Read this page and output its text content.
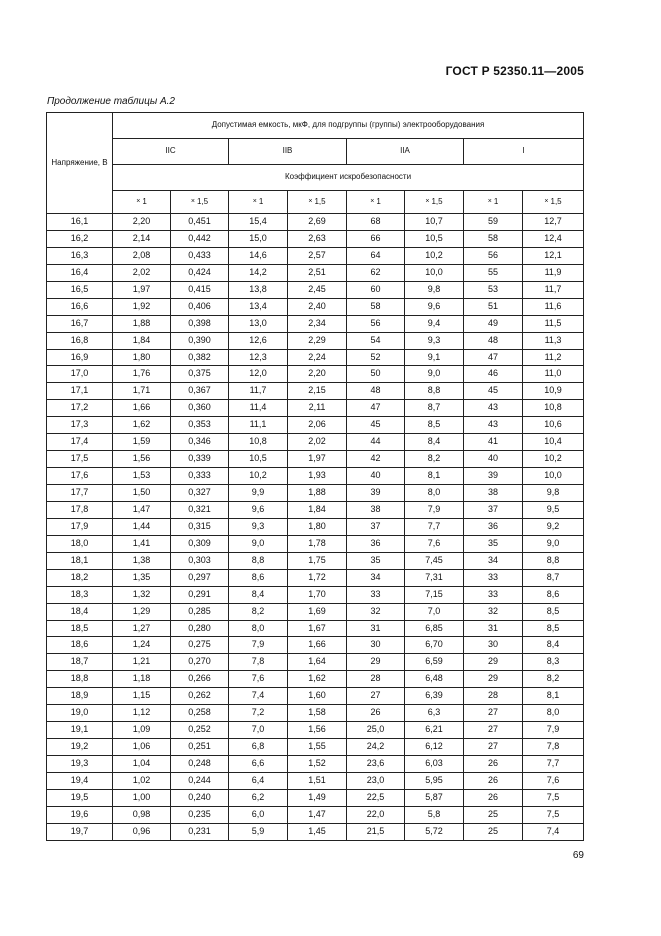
ГОСТ Р 52350.11—2005
Продолжение таблицы А.2
Напряжение, В	Допустимая емкость, мкФ, для подгруппы (группы) электрооборудования							
	IIC		IIB		IIA		I	
	Коэффициент искробезопасности							
	× 1	× 1,5	× 1	× 1,5	× 1	× 1,5	× 1	× 1,5
16,1	2,20	0,451	15,4	2,69	68	10,7	59	12,7
16,2	2,14	0,442	15,0	2,63	66	10,5	58	12,4
16,3	2,08	0,433	14,6	2,57	64	10,2	56	12,1
16,4	2,02	0,424	14,2	2,51	62	10,0	55	11,9
16,5	1,97	0,415	13,8	2,45	60	9,8	53	11,7
16,6	1,92	0,406	13,4	2,40	58	9,6	51	11,6
16,7	1,88	0,398	13,0	2,34	56	9,4	49	11,5
16,8	1,84	0,390	12,6	2,29	54	9,3	48	11,3
16,9	1,80	0,382	12,3	2,24	52	9,1	47	11,2
17,0	1,76	0,375	12,0	2,20	50	9,0	46	11,0
17,1	1,71	0,367	11,7	2,15	48	8,8	45	10,9
17,2	1,66	0,360	11,4	2,11	47	8,7	43	10,8
17,3	1,62	0,353	11,1	2,06	45	8,5	43	10,6
17,4	1,59	0,346	10,8	2,02	44	8,4	41	10,4
17,5	1,56	0,339	10,5	1,97	42	8,2	40	10,2
17,6	1,53	0,333	10,2	1,93	40	8,1	39	10,0
17,7	1,50	0,327	9,9	1,88	39	8,0	38	9,8
17,8	1,47	0,321	9,6	1,84	38	7,9	37	9,5
17,9	1,44	0,315	9,3	1,80	37	7,7	36	9,2
18,0	1,41	0,309	9,0	1,78	36	7,6	35	9,0
18,1	1,38	0,303	8,8	1,75	35	7,45	34	8,8
18,2	1,35	0,297	8,6	1,72	34	7,31	33	8,7
18,3	1,32	0,291	8,4	1,70	33	7,15	33	8,6
18,4	1,29	0,285	8,2	1,69	32	7,0	32	8,5
18,5	1,27	0,280	8,0	1,67	31	6,85	31	8,5
18,6	1,24	0,275	7,9	1,66	30	6,70	30	8,4
18,7	1,21	0,270	7,8	1,64	29	6,59	29	8,3
18,8	1,18	0,266	7,6	1,62	28	6,48	29	8,2
18,9	1,15	0,262	7,4	1,60	27	6,39	28	8,1
19,0	1,12	0,258	7,2	1,58	26	6,3	27	8,0
19,1	1,09	0,252	7,0	1,56	25,0	6,21	27	7,9
19,2	1,06	0,251	6,8	1,55	24,2	6,12	27	7,8
19,3	1,04	0,248	6,6	1,52	23,6	6,03	26	7,7
19,4	1,02	0,244	6,4	1,51	23,0	5,95	26	7,6
19,5	1,00	0,240	6,2	1,49	22,5	5,87	26	7,5
19,6	0,98	0,235	6,0	1,47	22,0	5,8	25	7,5
19,7	0,96	0,231	5,9	1,45	21,5	5,72	25	7,4
69
